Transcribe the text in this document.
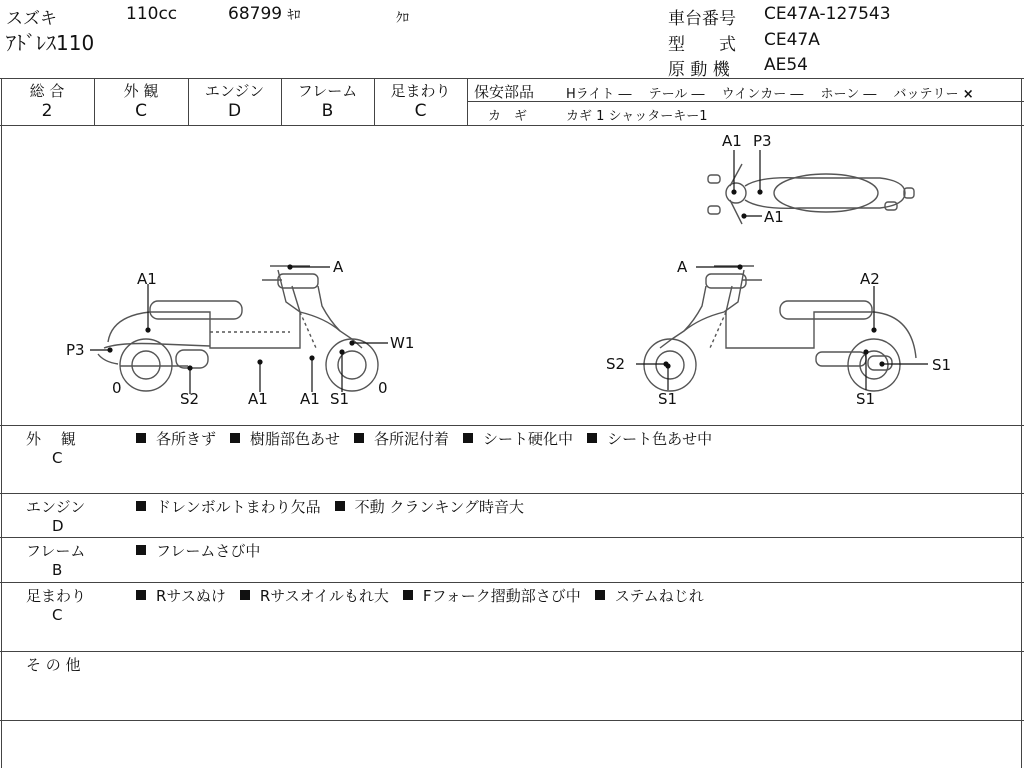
スズキ	110cc	68799 ｷﾛ	ｸﾛ
ｱﾄﾞﾚｽ110
車台番号 CE47A-127543
型　　式 CE47A
原 動 機 AE54
総 合
2
外 観
C
エンジン
D
フレーム
B
足まわり
C
保安部品 Hライト ―　 テール ―　 ウインカー ―　 ホーン ―　 バッテリー ×
カ　ギ	カギ 1 シャッターキー1
A1
A
P3	W1
0	0
S2	A1 A1 S1
A1 P3
A1
A
A2
S2
S1
S1
S1
外　 観
C
各所きず 樹脂部色あせ 各所泥付着 シート硬化中 シート色あせ中
エンジン
D
ドレンボルトまわり欠品 不動 クランキング時音大
フレーム
B
フレームさび中
足まわり
C
Rサスぬけ Rサスオイルもれ大 Fフォーク摺動部さび中 ステムねじれ
そ の 他
